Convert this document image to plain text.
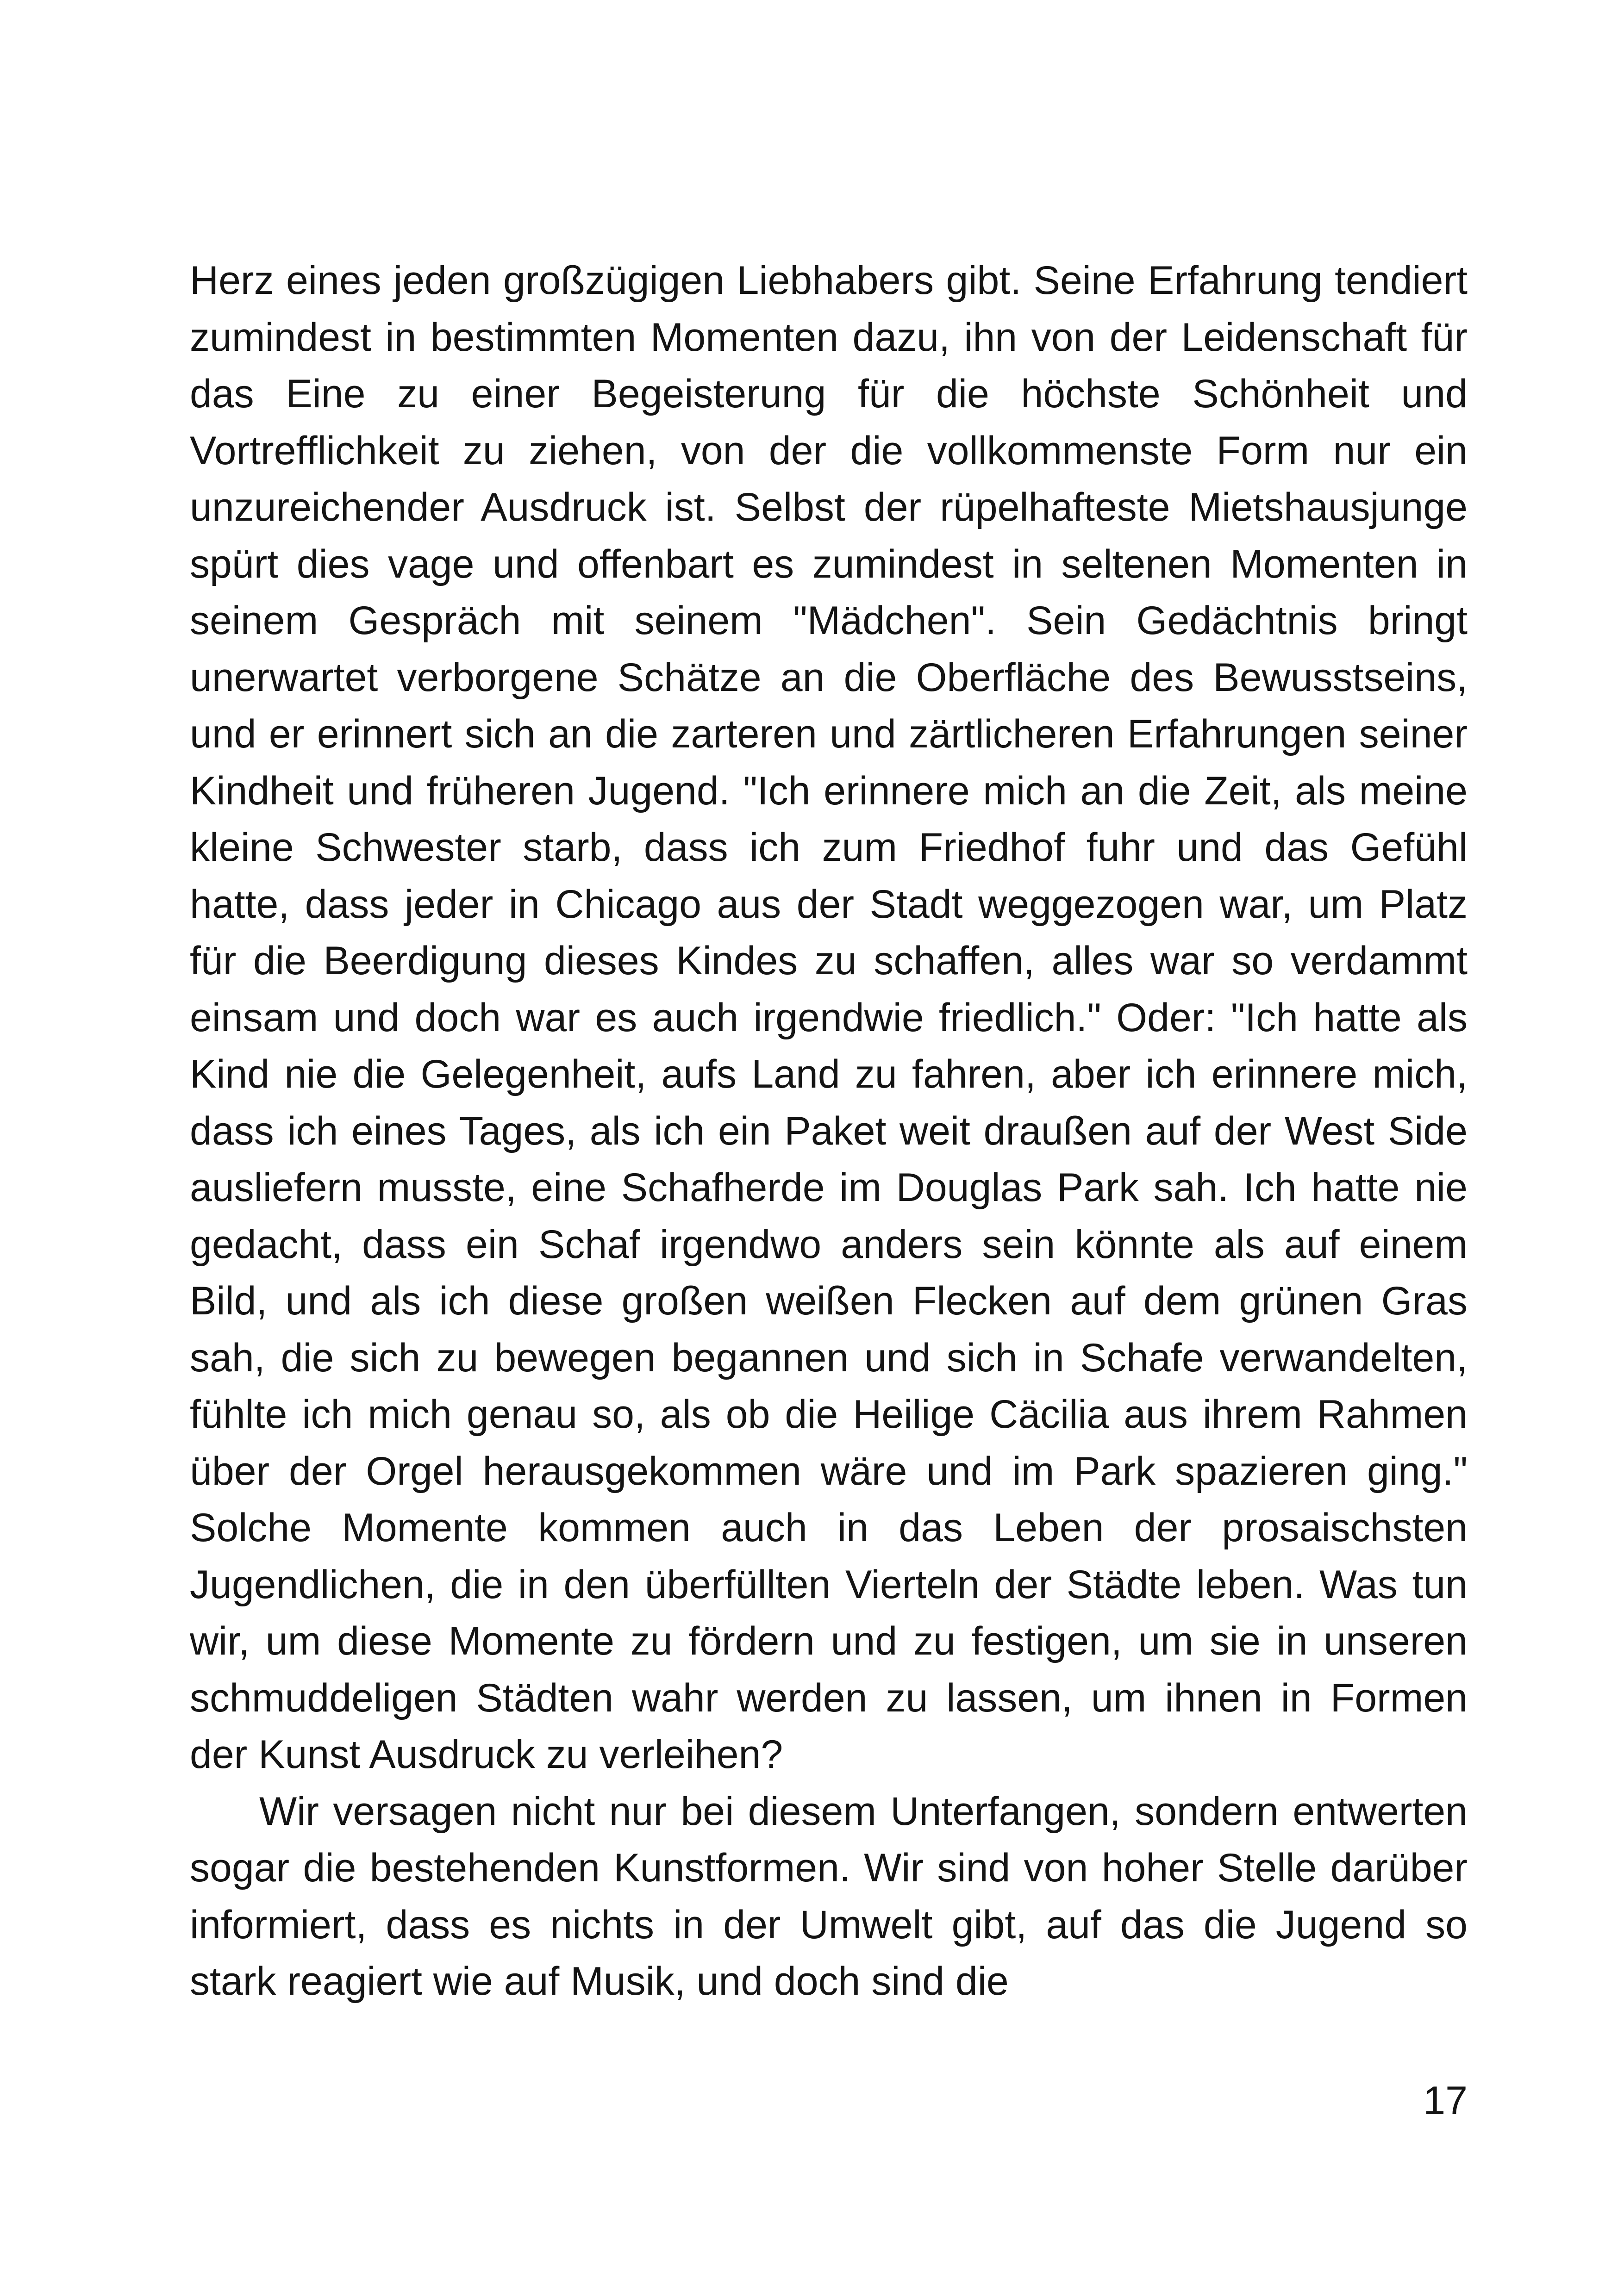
Herz eines jeden großzügigen Liebhabers gibt. Seine Erfahrung tendiert zumindest in bestimmten Momenten dazu, ihn von der Leidenschaft für das Eine zu einer Begeisterung für die höchste Schönheit und Vortrefflichkeit zu ziehen, von der die vollkommenste Form nur ein unzureichender Ausdruck ist. Selbst der rüpelhafteste Mietshausjunge spürt dies vage und offenbart es zumindest in seltenen Momenten in seinem Gespräch mit seinem "Mädchen". Sein Gedächtnis bringt unerwartet verborgene Schätze an die Oberfläche des Bewusstseins, und er erinnert sich an die zarteren und zärtlicheren Erfahrungen seiner Kindheit und früheren Jugend. "Ich erinnere mich an die Zeit, als meine kleine Schwester starb, dass ich zum Friedhof fuhr und das Gefühl hatte, dass jeder in Chicago aus der Stadt weggezogen war, um Platz für die Beerdigung dieses Kindes zu schaffen, alles war so verdammt einsam und doch war es auch irgendwie friedlich." Oder: "Ich hatte als Kind nie die Gelegenheit, aufs Land zu fahren, aber ich erinnere mich, dass ich eines Tages, als ich ein Paket weit draußen auf der West Side ausliefern musste, eine Schafherde im Douglas Park sah. Ich hatte nie gedacht, dass ein Schaf irgendwo anders sein könnte als auf einem Bild, und als ich diese großen weißen Flecken auf dem grünen Gras sah, die sich zu bewegen begannen und sich in Schafe verwandelten, fühlte ich mich genau so, als ob die Heilige Cäcilia aus ihrem Rahmen über der Orgel herausgekommen wäre und im Park spazieren ging." Solche Momente kommen auch in das Leben der prosaischsten Jugendlichen, die in den überfüllten Vierteln der Städte leben. Was tun wir, um diese Momente zu fördern und zu festigen, um sie in unseren schmuddeligen Städten wahr werden zu lassen, um ihnen in Formen der Kunst Ausdruck zu verleihen?

Wir versagen nicht nur bei diesem Unterfangen, sondern entwerten sogar die bestehenden Kunstformen. Wir sind von hoher Stelle darüber informiert, dass es nichts in der Umwelt gibt, auf das die Jugend so stark reagiert wie auf Musik, und doch sind die

17
